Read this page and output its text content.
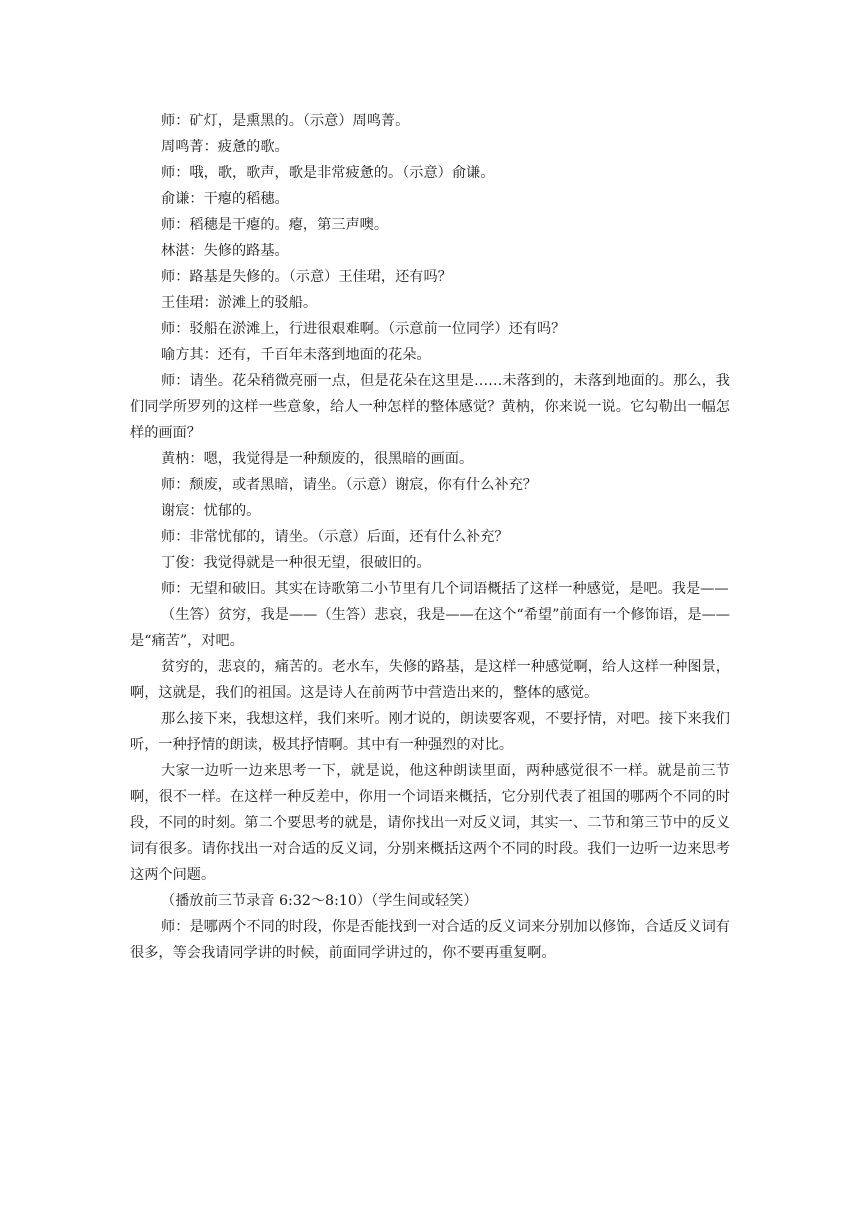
师：矿灯，是熏黑的。（示意）周鸣菁。

周鸣菁：疲惫的歌。

师：哦，歌，歌声，歌是非常疲惫的。（示意）俞谦。

俞谦：干瘪的稻穗。

师：稻穗是干瘪的。瘪，第三声噢。

林湛：失修的路基。

师：路基是失修的。（示意）王佳珺，还有吗？

王佳珺：淤滩上的驳船。

师：驳船在淤滩上，行进很艰难啊。（示意前一位同学）还有吗？

喻方其：还有，千百年未落到地面的花朵。

师：请坐。花朵稍微亮丽一点，但是花朵在这里是……未落到的，未落到地面的。那么，我们同学所罗列的这样一些意象，给人一种怎样的整体感觉？黄枘，你来说一说。它勾勒出一幅怎样的画面？

黄枘：嗯，我觉得是一种颓废的，很黑暗的画面。

师：颓废，或者黑暗，请坐。（示意）谢宸，你有什么补充？

谢宸：忧郁的。

师：非常忧郁的，请坐。（示意）后面，还有什么补充？

丁俊：我觉得就是一种很无望，很破旧的。

师：无望和破旧。其实在诗歌第二小节里有几个词语概括了这样一种感觉，是吧。我是——

（生答）贫穷，我是——（生答）悲哀，我是——在这个“希望”前面有一个修饰语，是——是“痛苦”，对吧。

贫穷的，悲哀的，痛苦的。老水车，失修的路基，是这样一种感觉啊，给人这样一种图景，啊，这就是，我们的祖国。这是诗人在前两节中营造出来的，整体的感觉。

那么接下来，我想这样，我们来听。刚才说的，朗读要客观，不要抒情，对吧。接下来我们听，一种抒情的朗读，极其抒情啊。其中有一种强烈的对比。

大家一边听一边来思考一下，就是说，他这种朗读里面，两种感觉很不一样。就是前三节啊，很不一样。在这样一种反差中，你用一个词语来概括，它分别代表了祖国的哪两个不同的时段，不同的时刻。第二个要思考的就是，请你找出一对反义词，其实一、二节和第三节中的反义词有很多。请你找出一对合适的反义词，分别来概括这两个不同的时段。我们一边听一边来思考这两个问题。

（播放前三节录音 6:32～8:10）（学生间或轻笑）

师：是哪两个不同的时段，你是否能找到一对合适的反义词来分别加以修饰，合适反义词有很多，等会我请同学讲的时候，前面同学讲过的，你不要再重复啊。
